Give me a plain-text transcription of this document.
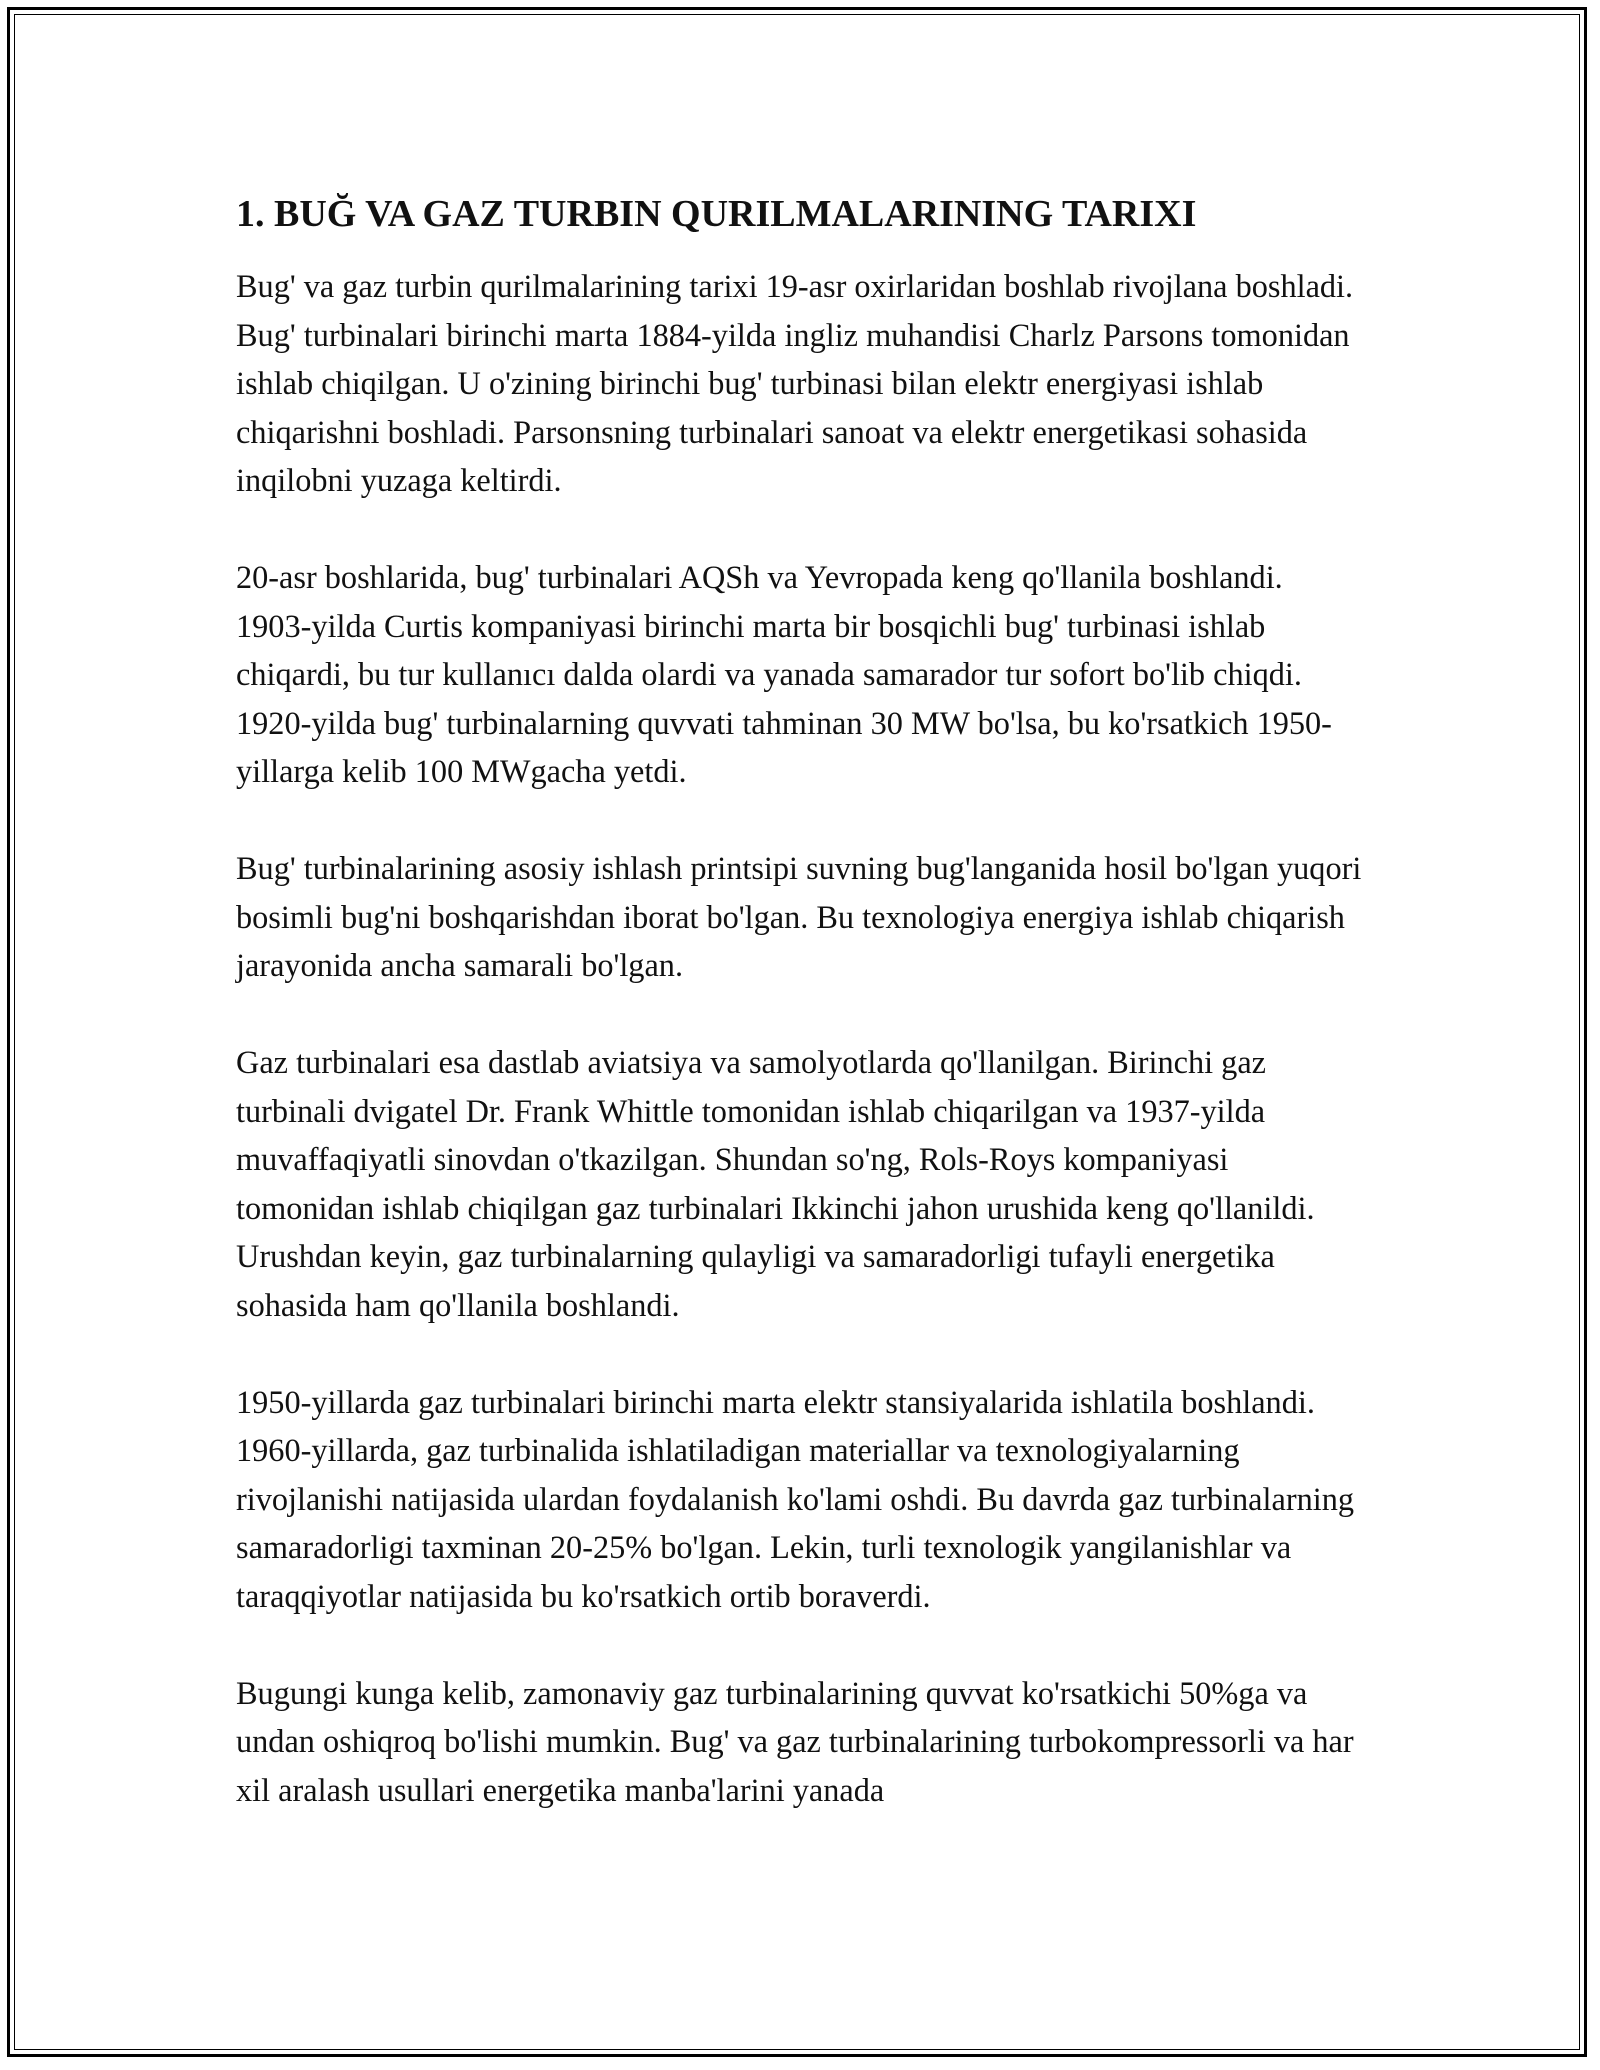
1. BUĞ VA GAZ TURBIN QURILMALARINING TARIXI

Bug' va gaz turbin qurilmalarining tarixi 19-asr oxirlaridan boshlab rivojlana boshladi. Bug' turbinalari birinchi marta 1884-yilda ingliz muhandisi Charlz Parsons tomonidan ishlab chiqilgan. U o'zining birinchi bug' turbinasi bilan elektr energiyasi ishlab chiqarishni boshladi. Parsonsning turbinalari sanoat va elektr energetikasi sohasida inqilobni yuzaga keltirdi.

20-asr boshlarida, bug' turbinalari AQSh va Yevropada keng qo'llanila boshlandi. 1903-yilda Curtis kompaniyasi birinchi marta bir bosqichli bug' turbinasi ishlab chiqardi, bu tur kullanıcı dalda olardi va yanada samarador tur sofort bo'lib chiqdi. 1920-yilda bug' turbinalarning quvvati tahminan 30 MW bo'lsa, bu ko'rsatkich 1950-yillarga kelib 100 MWgacha yetdi.

Bug' turbinalarining asosiy ishlash printsipi suvning bug'langanida hosil bo'lgan yuqori bosimli bug'ni boshqarishdan iborat bo'lgan. Bu texnologiya energiya ishlab chiqarish jarayonida ancha samarali bo'lgan.

Gaz turbinalari esa dastlab aviatsiya va samolyotlarda qo'llanilgan. Birinchi gaz turbinali dvigatel Dr. Frank Whittle tomonidan ishlab chiqarilgan va 1937-yilda muvaffaqiyatli sinovdan o'tkazilgan. Shundan so'ng, Rols-Roys kompaniyasi tomonidan ishlab chiqilgan gaz turbinalari Ikkinchi jahon urushida keng qo'llanildi. Urushdan keyin, gaz turbinalarning qulayligi va samaradorligi tufayli energetika sohasida ham qo'llanila boshlandi.

1950-yillarda gaz turbinalari birinchi marta elektr stansiyalarida ishlatila boshlandi. 1960-yillarda, gaz turbinalida ishlatiladigan materiallar va texnologiyalarning rivojlanishi natijasida ulardan foydalanish ko'lami oshdi. Bu davrda gaz turbinalarning samaradorligi taxminan 20-25% bo'lgan. Lekin, turli texnologik yangilanishlar va taraqqiyotlar natijasida bu ko'rsatkich ortib boraverdi.

Bugungi kunga kelib, zamonaviy gaz turbinalarining quvvat ko'rsatkichi 50%ga va undan oshiqroq bo'lishi mumkin. Bug' va gaz turbinalarining turbokompressorli va har xil aralash usullari energetika manba'larini yanada
